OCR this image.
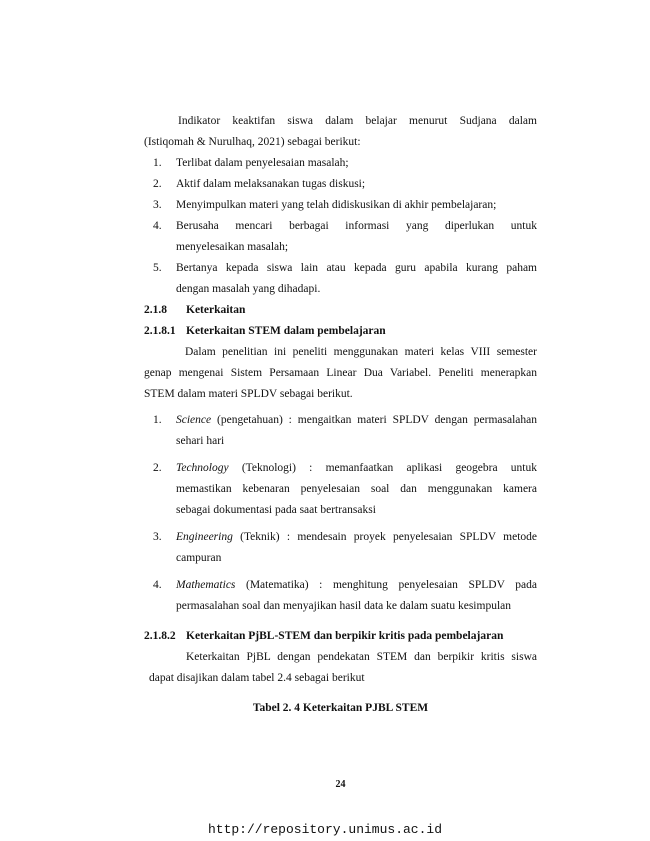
Indikator keaktifan siswa dalam belajar menurut Sudjana dalam
(Istiqomah & Nurulhaq, 2021) sebagai berikut:
1. Terlibat dalam penyelesaian masalah;
2. Aktif dalam melaksanakan tugas diskusi;
3. Menyimpulkan materi yang telah didiskusikan di akhir pembelajaran;
4. Berusaha mencari berbagai informasi yang diperlukan untuk
menyelesaikan masalah;
5. Bertanya kepada siswa lain atau kepada guru apabila kurang paham
dengan masalah yang dihadapi.
2.1.8 Keterkaitan
2.1.8.1 Keterkaitan STEM dalam pembelajaran
Dalam penelitian ini peneliti menggunakan materi kelas VIII semester
genap mengenai Sistem Persamaan Linear Dua Variabel. Peneliti menerapkan
STEM dalam materi SPLDV sebagai berikut.
1. Science (pengetahuan) : mengaitkan materi SPLDV dengan permasalahan
sehari hari
2. Technology (Teknologi) : memanfaatkan aplikasi geogebra untuk
memastikan kebenaran penyelesaian soal dan menggunakan kamera
sebagai dokumentasi pada saat bertransaksi
3. Engineering (Teknik) : mendesain proyek penyelesaian SPLDV metode
campuran
4. Mathematics (Matematika) : menghitung penyelesaian SPLDV pada
permasalahan soal dan menyajikan hasil data ke dalam suatu kesimpulan
2.1.8.2 Keterkaitan PjBL-STEM dan berpikir kritis pada pembelajaran
Keterkaitan PjBL dengan pendekatan STEM dan berpikir kritis siswa
dapat disajikan dalam tabel 2.4 sebagai berikut
Tabel 2. 4 Keterkaitan PJBL STEM
24
http://repository.unimus.ac.id
